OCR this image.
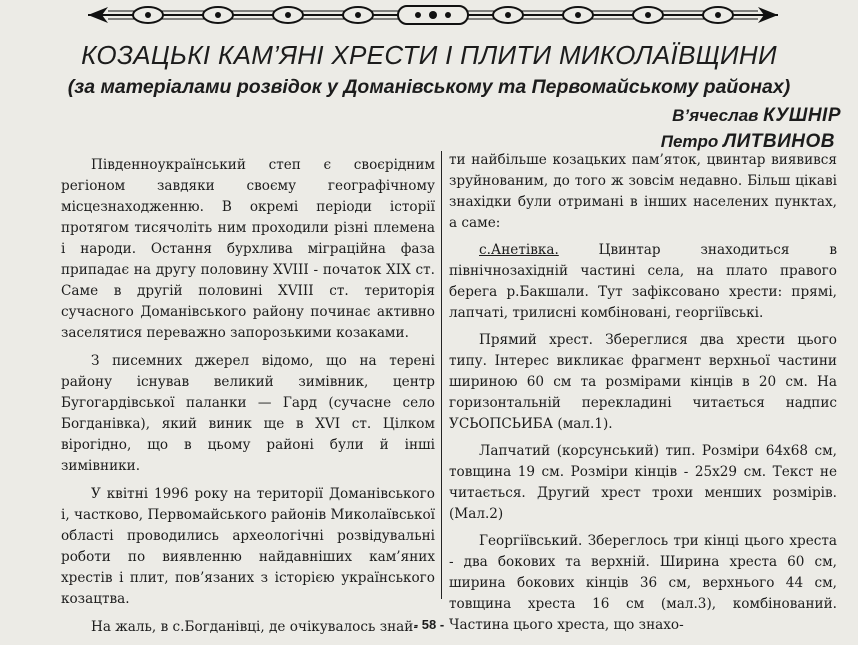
КОЗАЦЬКІ КАМ’ЯНІ ХРЕСТИ І ПЛИТИ МИКОЛАЇВЩИНИ
(за матеріалами розвідок у Доманівському та Первомайському районах)
В’ячеслав КУШНІР
Петро ЛИТВИНОВ

Південноукраїнський степ є своєрідним регіоном завдяки своєму географічному місцезнаходженню. В окремі періоди історії протягом тисячоліть ним проходили різні племена і народи. Остання бурхлива міграційна фаза припадає на другу половину XVIII - початок XIX ст. Саме в другій половині XVIII ст. територія сучасного Доманівського району починає активно заселятися переважно запорозькими козаками.

З писемних джерел відомо, що на терені району існував великий зимівник, центр Бугогардівської паланки — Гард (сучасне село Богданівка), який виник ще в XVI ст. Цілком вірогідно, що в цьому районі були й інші зимівники.

У квітні 1996 року на території Доманівського і, частково, Первомайського районів Миколаївської області проводились археологічні розвідувальні роботи по виявленню найдавніших кам’яних хрестів і плит, пов’язаних з історією українського козацтва.

На жаль, в с.Богданівці, де очікувалось знай-

ти найбільше козацьких пам’яток, цвинтар виявився зруйнованим, до того ж зовсім недавно. Більш цікаві знахідки були отримані в інших населених пунктах, а саме:

с.Анетівка. Цвинтар знаходиться в північнозахідній частині села, на плато правого берега р.Бакшали. Тут зафіксовано хрести: прямі, лапчаті, трилисні комбіновані, георгіївські.

Прямий хрест. Збереглися два хрести цього типу. Інтерес викликає фрагмент верхньої частини шириною 60 см та розмірами кінців в 20 см. На горизонтальній перекладині читається надпис УСЬОПСЬИБА (мал.1).

Лапчатий (корсунський) тип. Розміри 64х68 см, товщина 19 см. Розміри кінців - 25х29 см. Текст не читається. Другий хрест трохи менших розмірів. (Мал.2)

Георгіївський. Збереглось три кінці цього хреста - два бокових та верхній. Ширина хреста 60 см, ширина бокових кінців 36 см, верхнього 44 см, товщина хреста 16 см (мал.3), комбінований. Частина цього хреста, що знахо-

- 58 -
